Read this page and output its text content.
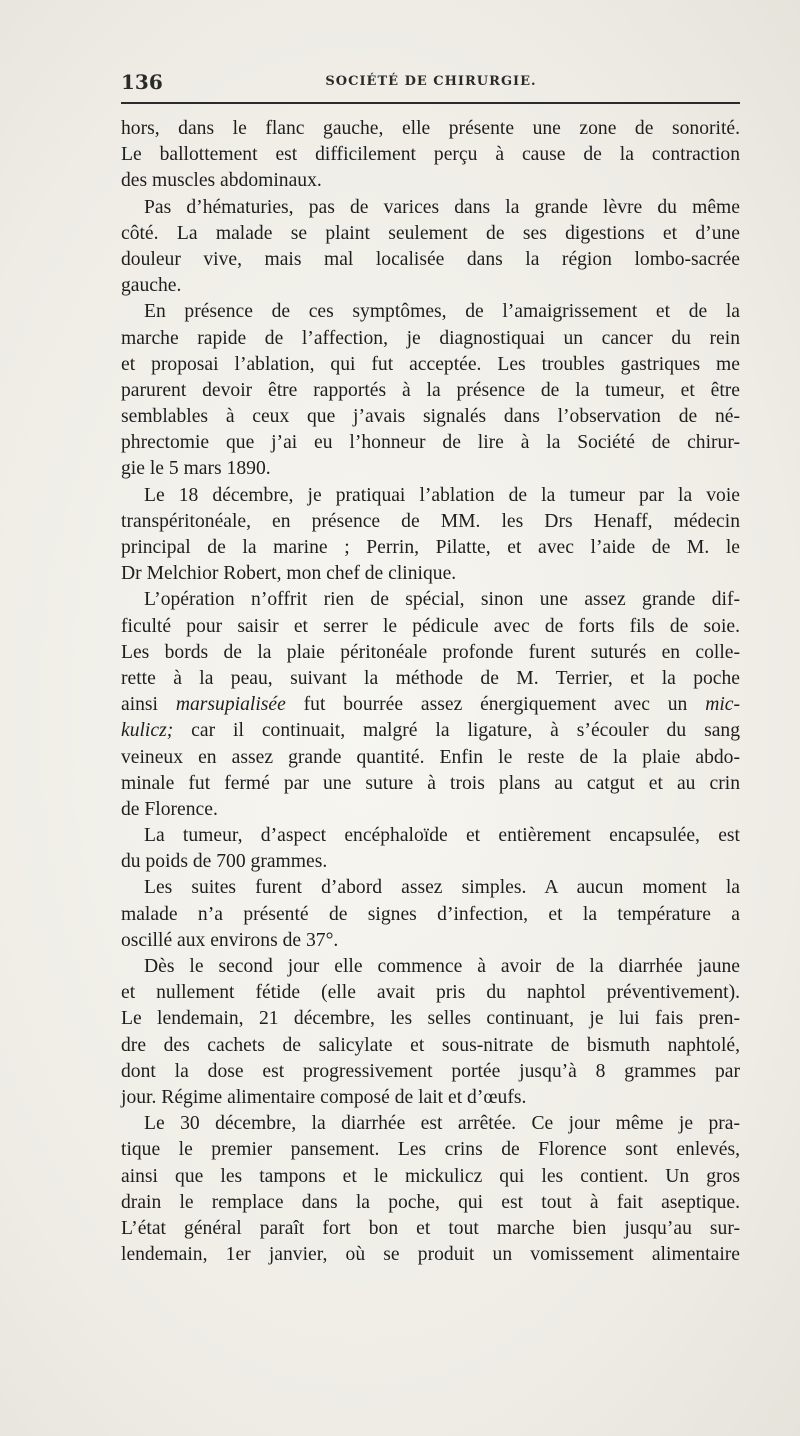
136	SOCIÉTÉ DE CHIRURGIE.
hors, dans le flanc gauche, elle présente une zone de sonorité.
Le ballottement est difficilement perçu à cause de la contraction
des muscles abdominaux.
Pas d’hématuries, pas de varices dans la grande lèvre du même
côté. La malade se plaint seulement de ses digestions et d’une
douleur vive, mais mal localisée dans la région lombo-sacrée
gauche.
En présence de ces symptômes, de l’amaigrissement et de la
marche rapide de l’affection, je diagnostiquai un cancer du rein
et proposai l’ablation, qui fut acceptée. Les troubles gastriques me
parurent devoir être rapportés à la présence de la tumeur, et être
semblables à ceux que j’avais signalés dans l’observation de né-
phrectomie que j’ai eu l’honneur de lire à la Société de chirur-
gie le 5 mars 1890.
Le 18 décembre, je pratiquai l’ablation de la tumeur par la voie
transpéritonéale, en présence de MM. les Drs Henaff, médecin
principal de la marine ; Perrin, Pilatte, et avec l’aide de M. le
Dr Melchior Robert, mon chef de clinique.
L’opération n’offrit rien de spécial, sinon une assez grande dif-
ficulté pour saisir et serrer le pédicule avec de forts fils de soie.
Les bords de la plaie péritonéale profonde furent suturés en colle-
rette à la peau, suivant la méthode de M. Terrier, et la poche
ainsi marsupialisée fut bourrée assez énergiquement avec un mic-
kulicz; car il continuait, malgré la ligature, à s’écouler du sang
veineux en assez grande quantité. Enfin le reste de la plaie abdo-
minale fut fermé par une suture à trois plans au catgut et au crin
de Florence.
La tumeur, d’aspect encéphaloïde et entièrement encapsulée, est
du poids de 700 grammes.
Les suites furent d’abord assez simples. A aucun moment la
malade n’a présenté de signes d’infection, et la température a
oscillé aux environs de 37°.
Dès le second jour elle commence à avoir de la diarrhée jaune
et nullement fétide (elle avait pris du naphtol préventivement).
Le lendemain, 21 décembre, les selles continuant, je lui fais pren-
dre des cachets de salicylate et sous-nitrate de bismuth naphtolé,
dont la dose est progressivement portée jusqu’à 8 grammes par
jour. Régime alimentaire composé de lait et d’œufs.
Le 30 décembre, la diarrhée est arrêtée. Ce jour même je pra-
tique le premier pansement. Les crins de Florence sont enlevés,
ainsi que les tampons et le mickulicz qui les contient. Un gros
drain le remplace dans la poche, qui est tout à fait aseptique.
L’état général paraît fort bon et tout marche bien jusqu’au sur-
lendemain, 1er janvier, où se produit un vomissement alimentaire
